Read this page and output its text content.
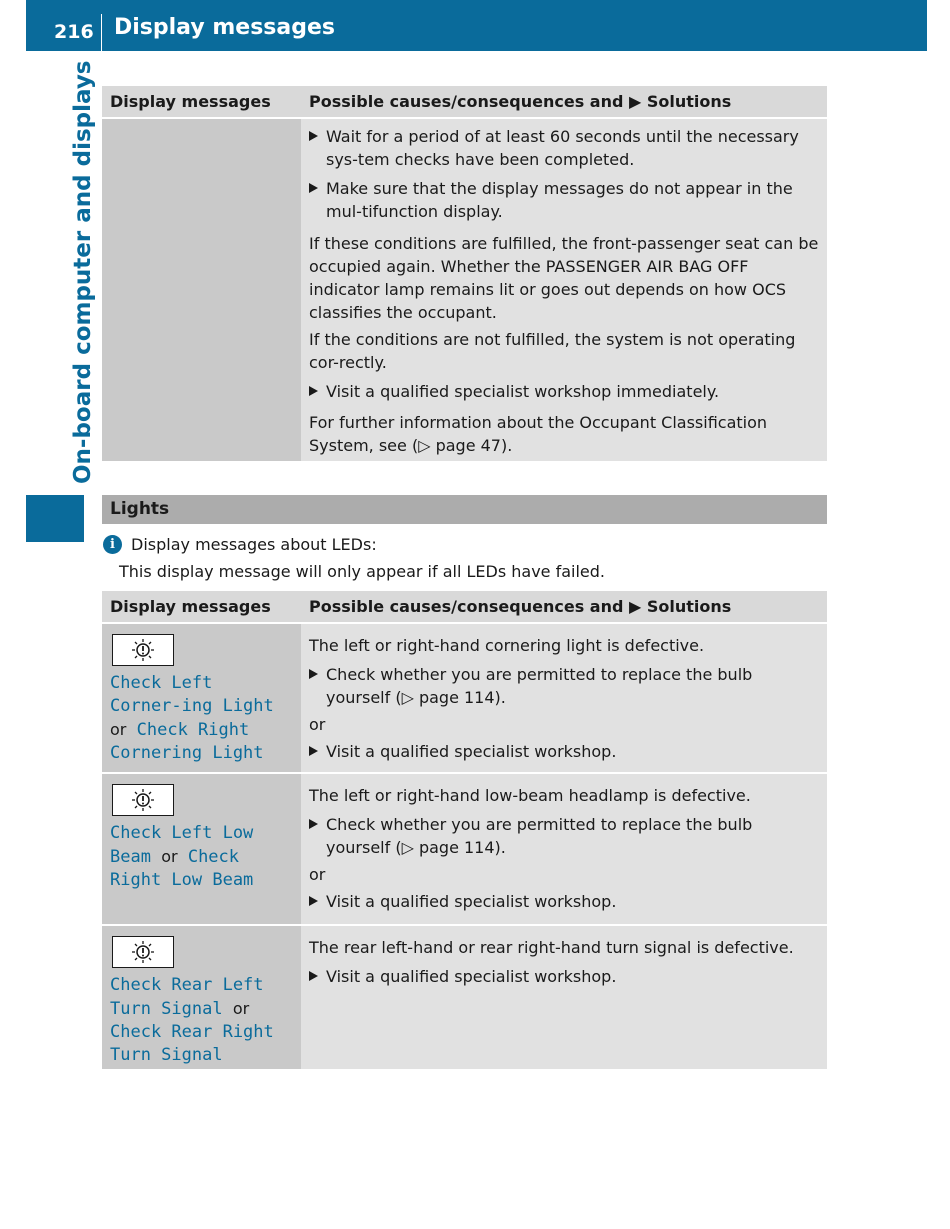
216 Display messages
On-board computer and displays Display messages	Possible causes/consequences and ▶ Solutions
Wait for a period of at least 60 seconds until the necessary sys-tem checks have been completed.
Make sure that the display messages do not appear in the mul-tifunction display.

If these conditions are fulfilled, the front-passenger seat can be occupied again. Whether the PASSENGER AIR BAG OFF indicator lamp remains lit or goes out depends on how OCS classifies the occupant.

If the conditions are not fulfilled, the system is not operating cor-rectly.

Visit a qualified specialist workshop immediately.

For further information about the Occupant Classification System, see (▷ page 47).

Lights
i	Display messages about LEDs:
This display message will only appear if all LEDs have failed.
Display messages	Possible causes/consequences and ▶ Solutions
Check Left Corner-ing Light or Check Right Cornering Light

The left or right-hand cornering light is defective.

Check whether you are permitted to replace the bulb yourself (▷ page 114).

or

Visit a qualified specialist workshop.
Check Left Low Beam or Check Right Low Beam

The left or right-hand low-beam headlamp is defective.

Check whether you are permitted to replace the bulb yourself (▷ page 114).

or

Visit a qualified specialist workshop.
Check Rear Left Turn Signal or Check Rear Right Turn Signal

The rear left-hand or rear right-hand turn signal is defective.

Visit a qualified specialist workshop.
